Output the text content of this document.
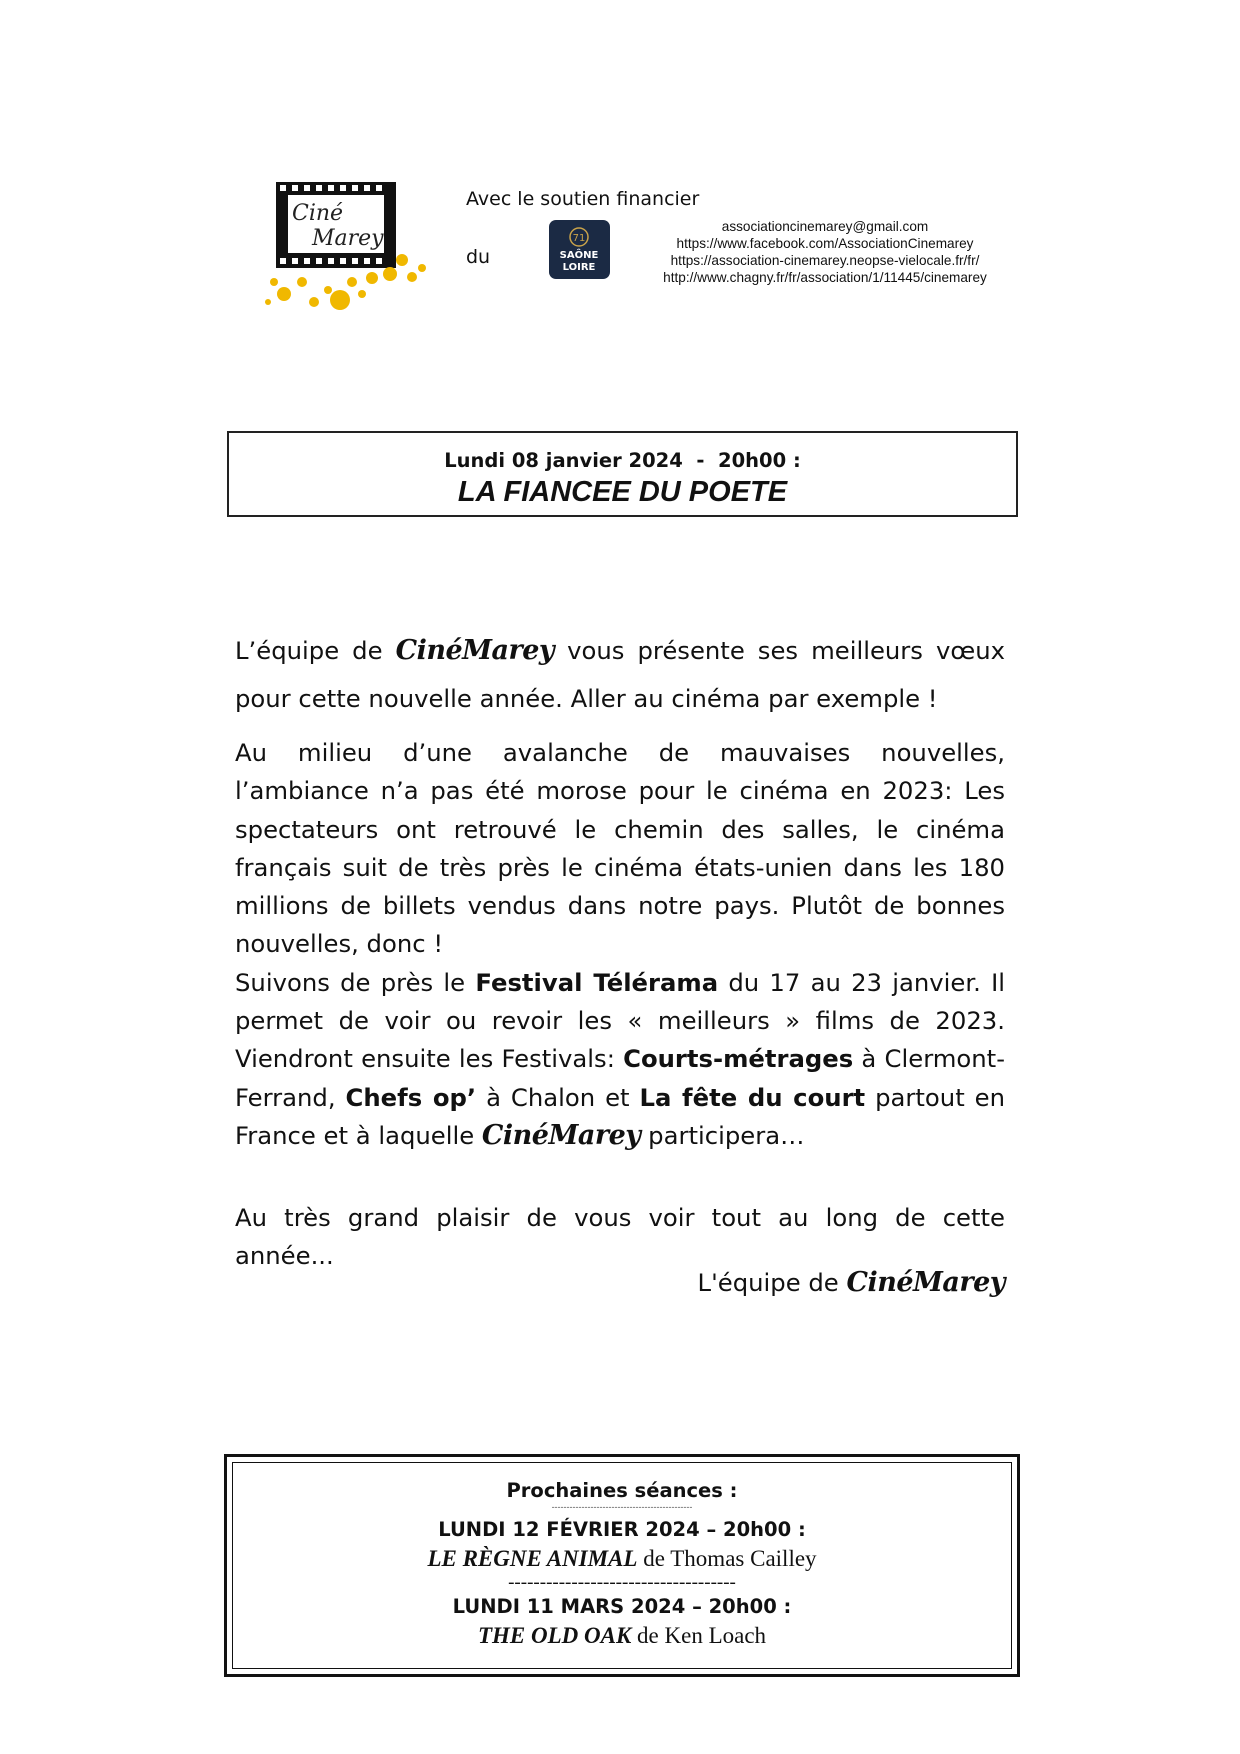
Ciné
Marey
Avec le soutien financier
du
71
SAÔNE
LOIRE
associationcinemarey@gmail.com
https://www.facebook.com/AssociationCinemarey
https://association-cinemarey.neopse-vielocale.fr/fr/
http://www.chagny.fr/fr/association/1/11445/cinemarey
Lundi 08 janvier 2024  -  20h00 :
LA FIANCEE DU POETE
L’équipe de CinéMarey vous présente ses meilleurs vœux pour cette nouvelle année. Aller au cinéma par exemple !
Au milieu d’une avalanche de mauvaises nouvelles, l’ambiance n’a pas été morose pour le cinéma en 2023: Les spectateurs ont retrouvé le chemin des salles, le cinéma français suit de très près le cinéma états-unien dans les 180 millions de billets vendus dans notre pays. Plutôt de bonnes nouvelles, donc !
Suivons de près le Festival Télérama du 17 au 23 janvier. Il permet de voir ou revoir les « meilleurs » films de 2023. Viendront ensuite les Festivals: Courts-métrages à Clermont-Ferrand, Chefs op’ à Chalon et La fête du court partout en France et à laquelle CinéMarey participera…
Au très grand plaisir de vous voir tout au long de cette année...
L'équipe de CinéMarey
Prochaines séances :
-----------------------------------------------
LUNDI 12 FÉVRIER 2024 – 20h00 :
LE RÈGNE ANIMAL de Thomas Cailley
------------------------------------
LUNDI 11 MARS 2024 – 20h00 :
THE OLD OAK de Ken Loach
